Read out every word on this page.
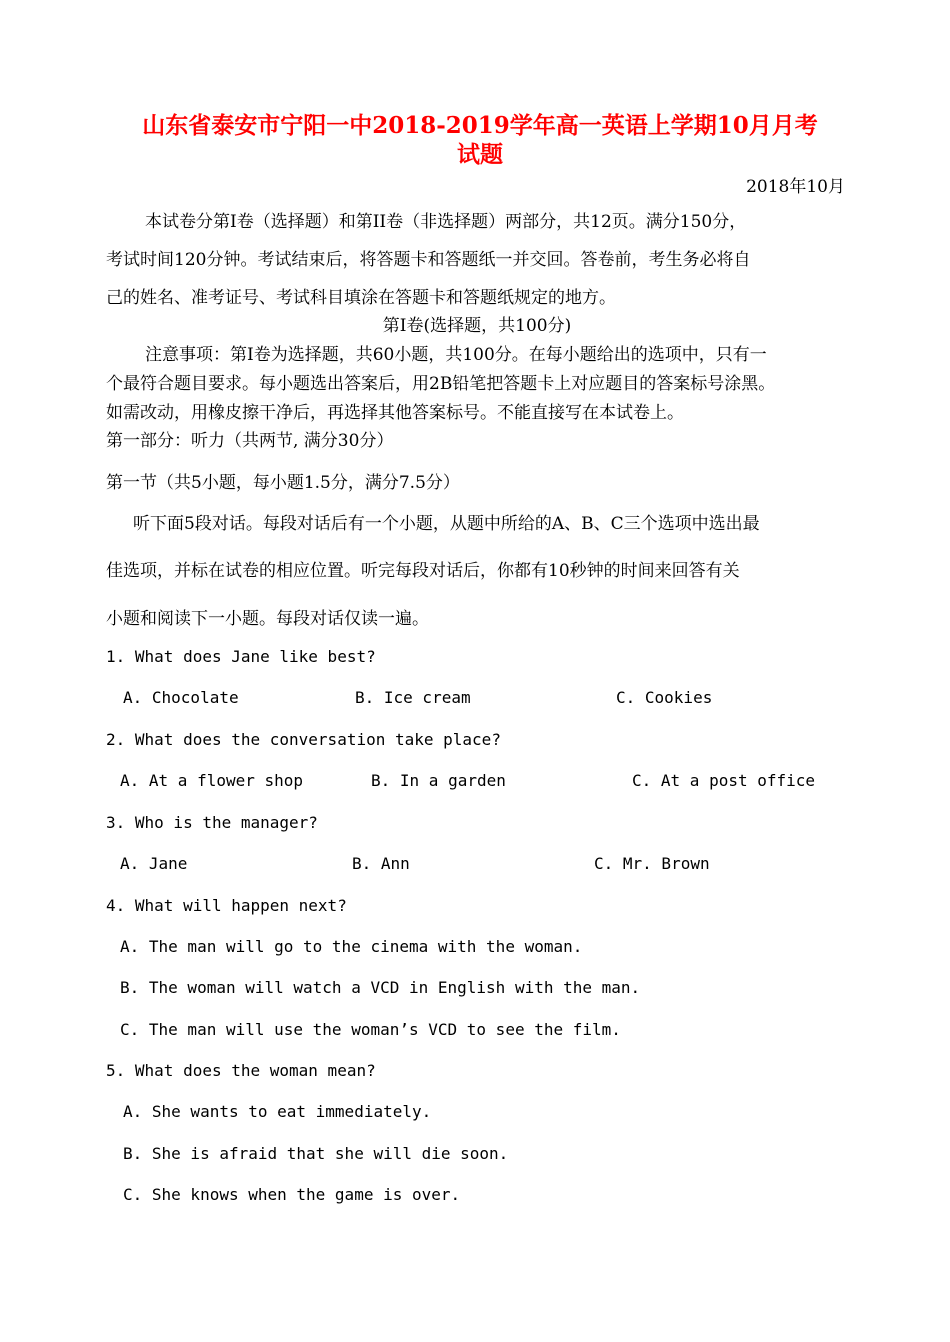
山东省泰安市宁阳一中2018-2019学年高一英语上学期10月月考
试题
2018年10月
本试卷分第I卷（选择题）和第II卷（非选择题）两部分，共12页。满分150分，
考试时间120分钟。考试结束后，将答题卡和答题纸一并交回。答卷前，考生务必将自
己的姓名、准考证号、考试科目填涂在答题卡和答题纸规定的地方。
第I卷(选择题，共100分)
注意事项：第I卷为选择题，共60小题，共100分。在每小题给出的选项中，只有一
个最符合题目要求。每小题选出答案后，用2B铅笔把答题卡上对应题目的答案标号涂黑。
如需改动，用橡皮擦干净后，再选择其他答案标号。不能直接写在本试卷上。
第一部分：听力（共两节, 满分30分）
第一节（共5小题，每小题1.5分，满分7.5分）
听下面5段对话。每段对话后有一个小题，从题中所给的A、B、C三个选项中选出最
佳选项，并标在试卷的相应位置。听完每段对话后，你都有10秒钟的时间来回答有关
小题和阅读下一小题。每段对话仅读一遍。
1. What does Jane like best?
A. Chocolate	B. Ice cream	C. Cookies
2. What does the conversation take place?
A. At a flower shop	B. In a garden	C. At a post office
3. Who is the manager?
A. Jane	B. Ann	C. Mr. Brown
4. What will happen next?
A. The man will go to the cinema with the woman.
B. The woman will watch a VCD in English with the man.
C. The man will use the woman’s VCD to see the film.
5. What does the woman mean?
A. She wants to eat immediately.
B. She is afraid that she will die soon.
C. She knows when the game is over.
